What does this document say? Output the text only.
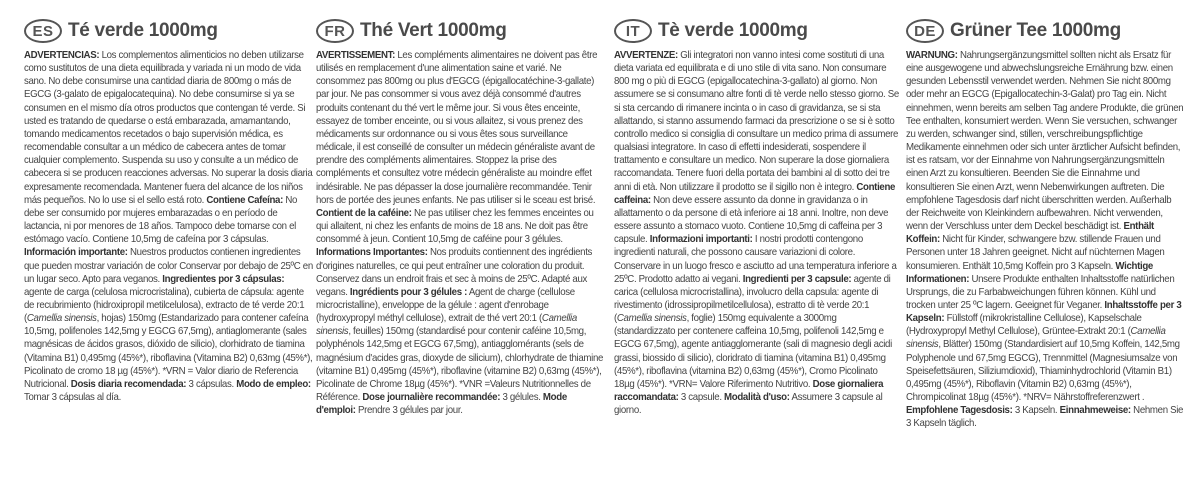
ES Té verde 1000mg
ADVERTENCIAS: Los complementos alimenticios no deben utilizarse como sustitutos de una dieta equilibrada y variada ni un modo de vida sano. No debe consumirse una cantidad diaria de 800mg o más de EGCG (3-galato de epigalocatequina). No debe consumirse si ya se consumen en el mismo día otros productos que contengan té verde. Si usted es tratando de quedarse o está embarazada, amamantando, tomando medicamentos recetados o bajo supervisión médica, es recomendable consultar a un médico de cabecera antes de tomar cualquier complemento. Suspenda su uso y consulte a un médico de cabecera si se producen reacciones adversas. No superar la dosis diaria expresamente recomendada. Mantener fuera del alcance de los niños más pequeños. No lo use si el sello está roto. Contiene Cafeína: No debe ser consumido por mujeres embarazadas o en período de lactancia, ni por menores de 18 años. Tampoco debe tomarse con el estómago vacío. Contiene 10,5mg de cafeína por 3 cápsulas. Información importante: Nuestros productos contienen ingredientes que pueden mostrar variación de color Conservar por debajo de 25ºC en un lugar seco. Apto para veganos. Ingredientes por 3 cápsulas: agente de carga (celulosa microcristalina), cubierta de cápsula: agente de recubrimiento (hidroxipropil metilcelulosa), extracto de té verde 20:1 (Camellia sinensis, hojas) 150mg (Estandarizado para contener cafeína 10,5mg, polifenoles 142,5mg y EGCG 67,5mg), antiaglomerante (sales magnésicas de ácidos grasos, dióxido de silicio), clorhidrato de tiamina (Vitamina B1) 0,495mg (45%*), riboflavina (Vitamina B2) 0,63mg (45%*), Picolinato de cromo 18 µg (45%*). *VRN = Valor diario de Referencia Nutricional. Dosis diaria recomendada: 3 cápsulas. Modo de empleo: Tomar 3 cápsulas al día.
FR Thé Vert 1000mg
AVERTISSEMENT: Les compléments alimentaires ne doivent pas être utilisés en remplacement d'une alimentation saine et varié. Ne consommez pas 800mg ou plus d'EGCG (épigallocatéchine-3-gallate) par jour. Ne pas consommer si vous avez déjà consommé d'autres produits contenant du thé vert le même jour. Si vous êtes enceinte, essayez de tomber enceinte, ou si vous allaitez, si vous prenez des médicaments sur ordonnance ou si vous êtes sous surveillance médicale, il est conseillé de consulter un médecin généraliste avant de prendre des compléments alimentaires. Stoppez la prise des compléments et consultez votre médecin généraliste au moindre effet indésirable. Ne pas dépasser la dose journalière recommandée. Tenir hors de portée des jeunes enfants. Ne pas utiliser si le sceau est brisé. Contient de la caféine: Ne pas utiliser chez les femmes enceintes ou qui allaitent, ni chez les enfants de moins de 18 ans. Ne doit pas être consommé à jeun. Contient 10,5mg de caféine pour 3 gélules. Informations Importantes: Nos produits contiennent des ingrédients d'origines naturelles, ce qui peut entraîner une coloration du produit. Conservez dans un endroit frais et sec à moins de 25ºC. Adapté aux vegans. Ingrédients pour 3 gélules : Agent de charge (cellulose microcristalline), enveloppe de la gélule : agent d'enrobage (hydroxypropyl méthyl cellulose), extrait de thé vert 20:1 (Camellia sinensis, feuilles) 150mg (standardisé pour contenir caféine 10,5mg, polyphénols 142,5mg et EGCG 67,5mg), antiagglomérants (sels de magnésium d'acides gras, dioxyde de silicium), chlorhydrate de thiamine (vitamine B1) 0,495mg (45%*), riboflavine (vitamine B2) 0,63mg (45%*), Picolinate de Chrome 18µg (45%*). *VNR =Valeurs Nutritionnelles de Référence. Dose journalière recommandée: 3 gélules. Mode d'emploi: Prendre 3 gélules par jour.
IT Tè verde 1000mg
AVVERTENZE: Gli integratori non vanno intesi come sostituti di una dieta variata ed equilibrata e di uno stile di vita sano. Non consumare 800 mg o più di EGCG (epigallocatechina-3-gallato) al giorno. Non assumere se si consumano altre fonti di tè verde nello stesso giorno. Se si sta cercando di rimanere incinta o in caso di gravidanza, se si sta allattando, si stanno assumendo farmaci da prescrizione o se si è sotto controllo medico si consiglia di consultare un medico prima di assumere qualsiasi integratore. In caso di effetti indesiderati, sospendere il trattamento e consultare un medico. Non superare la dose giornaliera raccomandata. Tenere fuori della portata dei bambini al di sotto dei tre anni di età. Non utilizzare il prodotto se il sigillo non è integro. Contiene caffeina: Non deve essere assunto da donne in gravidanza o in allattamento o da persone di età inferiore ai 18 anni. Inoltre, non deve essere assunto a stomaco vuoto. Contiene 10,5mg di caffeina per 3 capsule. Informazioni importanti: I nostri prodotti contengono ingredienti naturali, che possono causare variazioni di colore. Conservare in un luogo fresco e asciutto ad una temperatura inferiore a 25ºC. Prodotto adatto ai vegani. Ingredienti per 3 capsule: agente di carica (cellulosa microcristallina), involucro della capsula: agente di rivestimento (idrossipropilmetilcellulosa), estratto di tè verde 20:1 (Camellia sinensis, foglie) 150mg equivalente a 3000mg (standardizzato per contenere caffeina 10,5mg, polifenoli 142,5mg e EGCG 67,5mg), agente antiagglomerante (sali di magnesio degli acidi grassi, biossido di silicio), cloridrato di tiamina (vitamina B1) 0,495mg (45%*), riboflavina (vitamina B2) 0,63mg (45%*), Cromo Picolinato 18µg (45%*). *VRN= Valore Riferimento Nutritivo. Dose giornaliera raccomandata: 3 capsule. Modalità d'uso: Assumere 3 capsule al giorno.
DE Grüner Tee 1000mg
WARNUNG: Nahrungsergänzungsmittel sollten nicht als Ersatz für eine ausgewogene und abwechslungsreiche Ernährung bzw. einen gesunden Lebensstil verwendet werden. Nehmen Sie nicht 800mg oder mehr an EGCG (Epigallocatechin-3-Galat) pro Tag ein. Nicht einnehmen, wenn bereits am selben Tag andere Produkte, die grünen Tee enthalten, konsumiert werden. Wenn Sie versuchen, schwanger zu werden, schwanger sind, stillen, verschreibungspflichtige Medikamente einnehmen oder sich unter ärztlicher Aufsicht befinden, ist es ratsam, vor der Einnahme von Nahrungsergänzungsmitteln einen Arzt zu konsultieren. Beenden Sie die Einnahme und konsultieren Sie einen Arzt, wenn Nebenwirkungen auftreten. Die empfohlene Tagesdosis darf nicht überschritten werden. Außerhalb der Reichweite von Kleinkindern aufbewahren. Nicht verwenden, wenn der Verschluss unter dem Deckel beschädigt ist. Enthält Koffein: Nicht für Kinder, schwangere bzw. stillende Frauen und Personen unter 18 Jahren geeignet. Nicht auf nüchternen Magen konsumieren. Enthält 10,5mg Koffein pro 3 Kapseln. Wichtige Informationen: Unsere Produkte enthalten Inhaltsstoffe natürlichen Ursprungs, die zu Farbabweichungen führen können. Kühl und trocken unter 25 ºC lagern. Geeignet für Veganer. Inhaltsstoffe per 3 Kapseln: Füllstoff (mikrokristalline Cellulose), Kapselschale (Hydroxypropyl Methyl Cellulose), Grüntee-Extrakt 20:1 (Camellia sinensis, Blätter) 150mg (Standardisiert auf 10,5mg Koffein, 142,5mg Polyphenole und 67,5mg EGCG), Trennmittel (Magnesiumsalze von Speisefettsäuren, Siliziumdioxid), Thiaminhydrochlorid (Vitamin B1) 0,495mg (45%*), Riboflavin (Vitamin B2) 0,63mg (45%*), Chrompicolinat 18µg (45%*). *NRV= Nährstoffreferenzwert . Empfohlene Tagesdosis: 3 Kapseln. Einnahmeweise: Nehmen Sie 3 Kapseln täglich.
